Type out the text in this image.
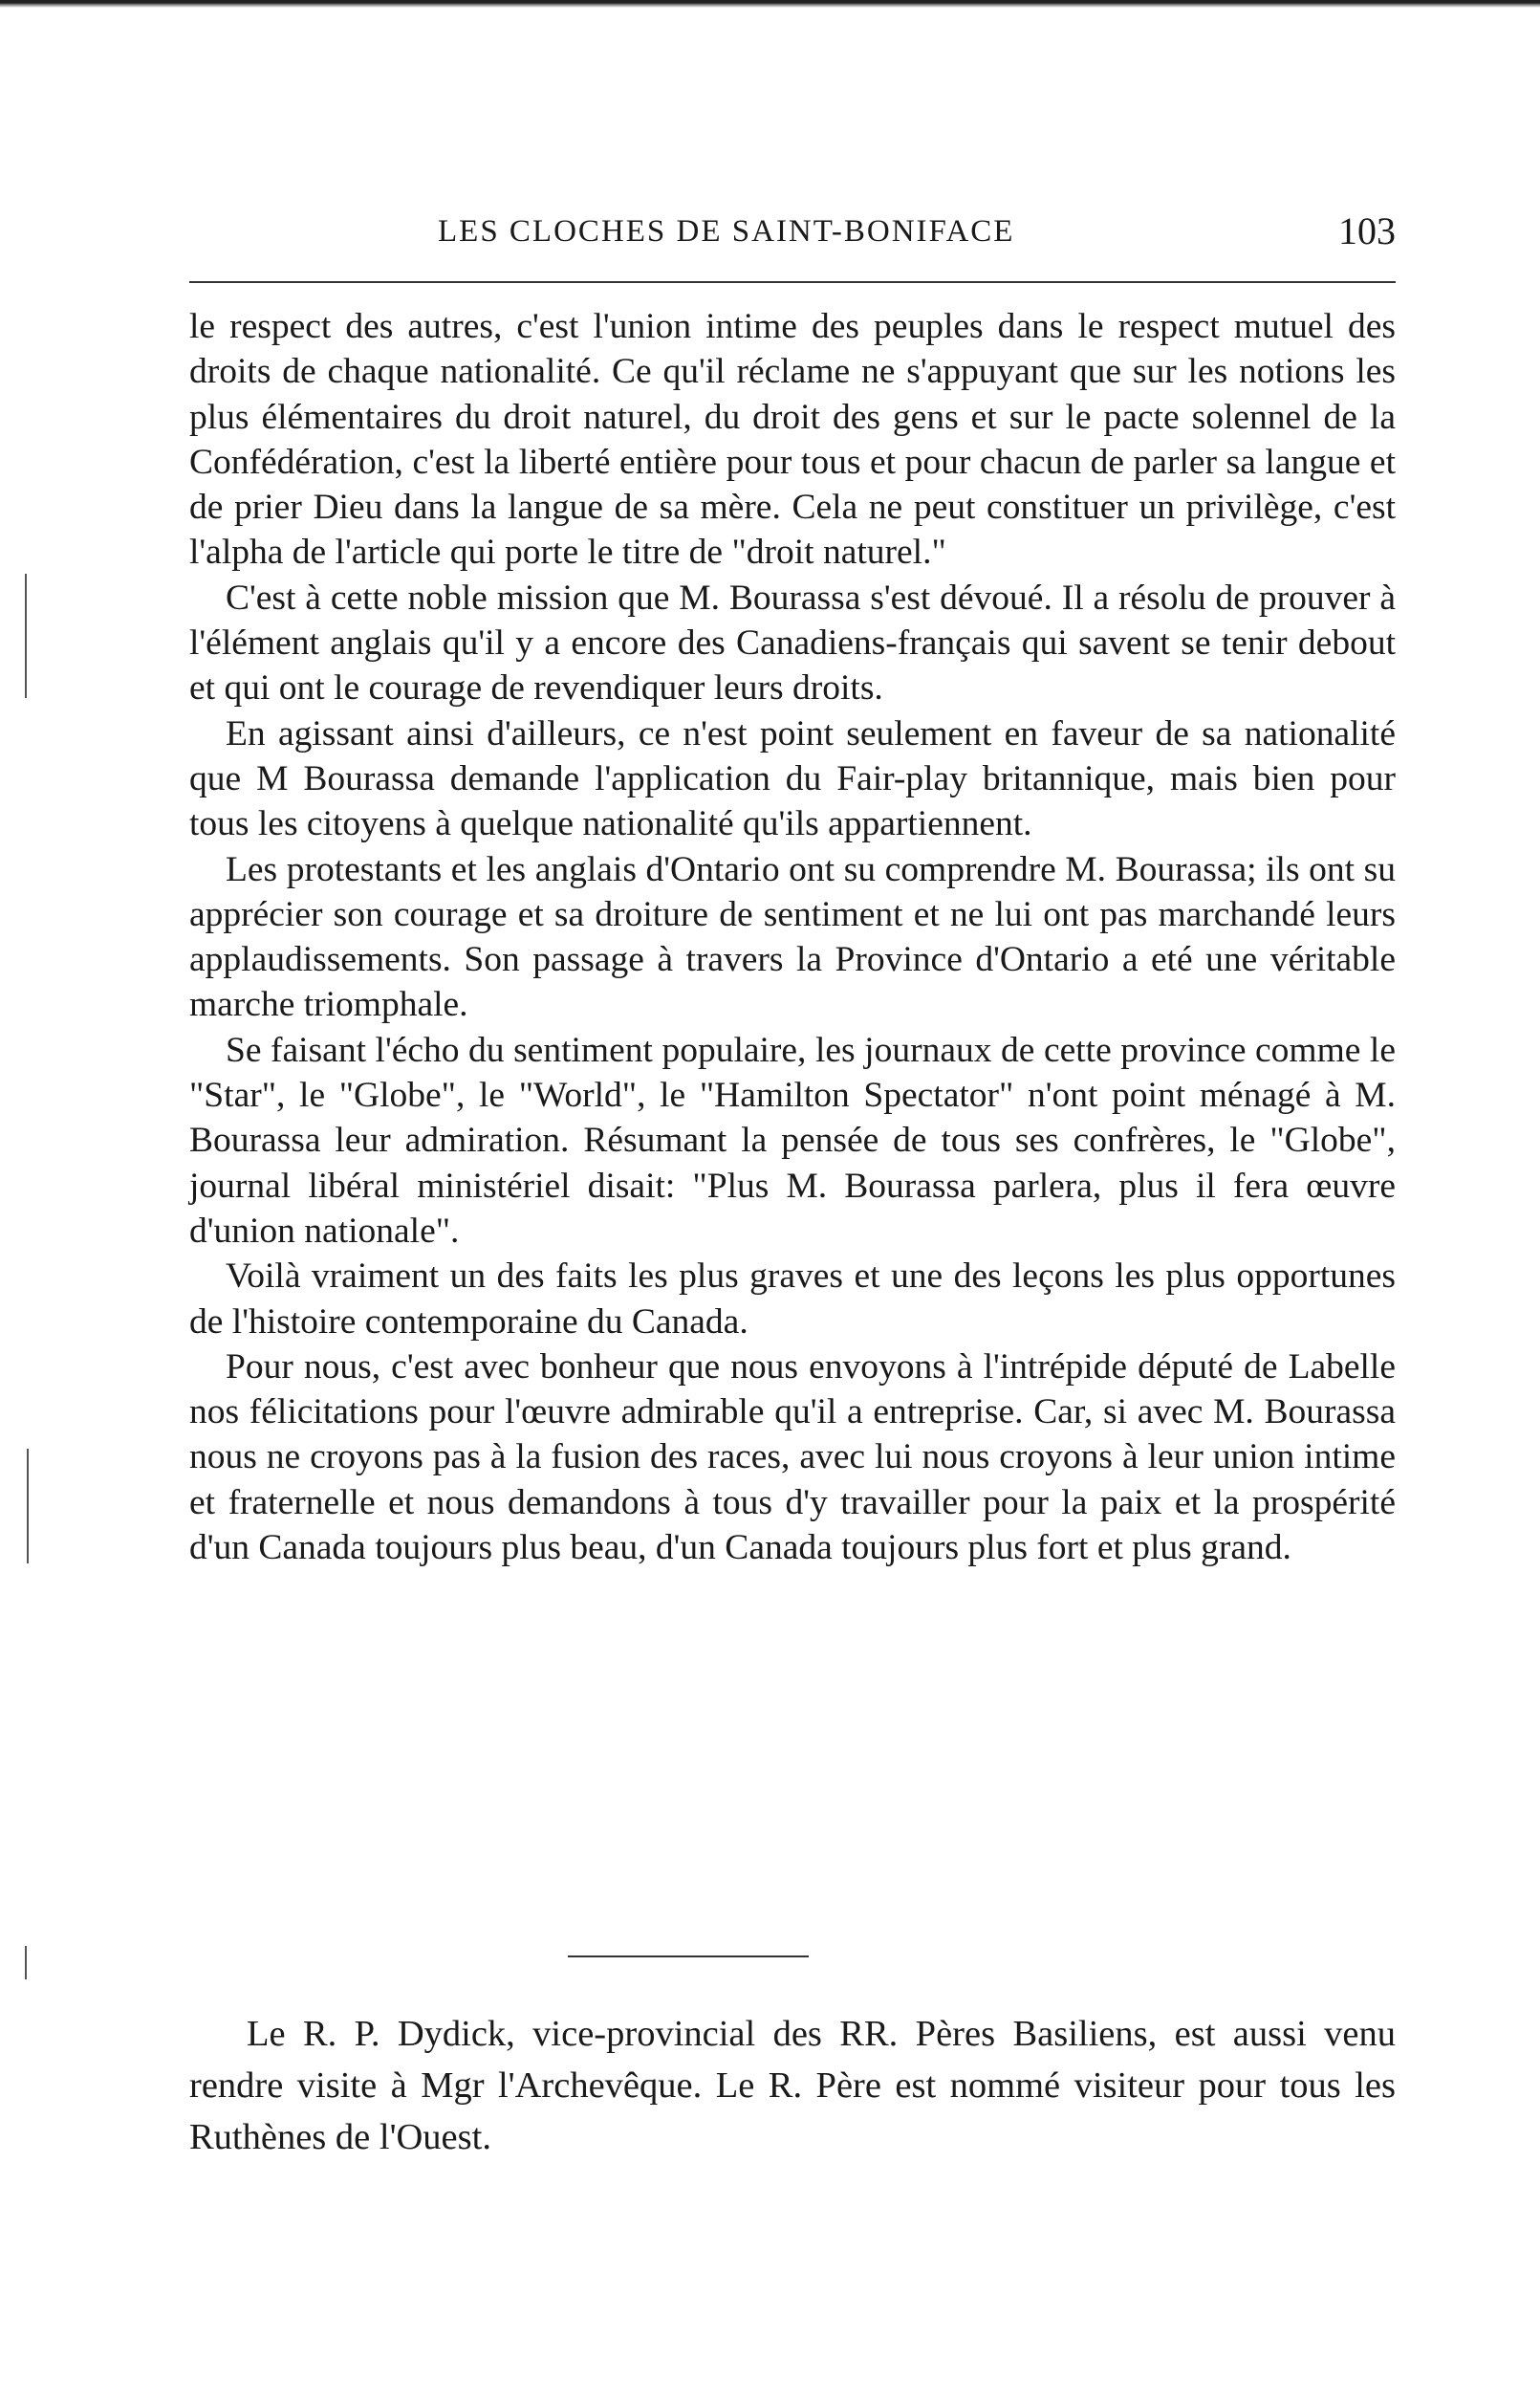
LES CLOCHES DE SAINT-BONIFACE	103

le respect des autres, c'est l'union intime des peuples dans le respect mutuel des droits de chaque nationalité. Ce qu'il réclame ne s'appuyant que sur les notions les plus élémentaires du droit naturel, du droit des gens et sur le pacte solennel de la Confédération, c'est la liberté entière pour tous et pour chacun de parler sa langue et de prier Dieu dans la langue de sa mère. Cela ne peut constituer un privilège, c'est l'alpha de l'article qui porte le titre de "droit naturel."

C'est à cette noble mission que M. Bourassa s'est dévoué. Il a résolu de prouver à l'élément anglais qu'il y a encore des Canadiens-français qui savent se tenir debout et qui ont le courage de revendiquer leurs droits.

En agissant ainsi d'ailleurs, ce n'est point seulement en faveur de sa nationalité que M Bourassa demande l'application du Fair-play britannique, mais bien pour tous les citoyens à quelque nationalité qu'ils appartiennent.

Les protestants et les anglais d'Ontario ont su comprendre M. Bourassa; ils ont su apprécier son courage et sa droiture de sentiment et ne lui ont pas marchandé leurs applaudissements. Son passage à travers la Province d'Ontario a eté une véritable marche triomphale.

Se faisant l'écho du sentiment populaire, les journaux de cette province comme le "Star", le "Globe", le "World", le "Hamilton Spectator" n'ont point ménagé à M. Bourassa leur admiration. Résumant la pensée de tous ses confrères, le "Globe", journal libéral ministériel disait: "Plus M. Bourassa parlera, plus il fera œuvre d'union nationale".

Voilà vraiment un des faits les plus graves et une des leçons les plus opportunes de l'histoire contemporaine du Canada.

Pour nous, c'est avec bonheur que nous envoyons à l'intrépide député de Labelle nos félicitations pour l'œuvre admirable qu'il a entreprise. Car, si avec M. Bourassa nous ne croyons pas à la fusion des races, avec lui nous croyons à leur union intime et fraternelle et nous demandons à tous d'y travailler pour la paix et la prospérité d'un Canada toujours plus beau, d'un Canada toujours plus fort et plus grand.

Le R. P. Dydick, vice-provincial des RR. Pères Basiliens, est aussi venu rendre visite à Mgr l'Archevêque. Le R. Père est nommé visiteur pour tous les Ruthènes de l'Ouest.
